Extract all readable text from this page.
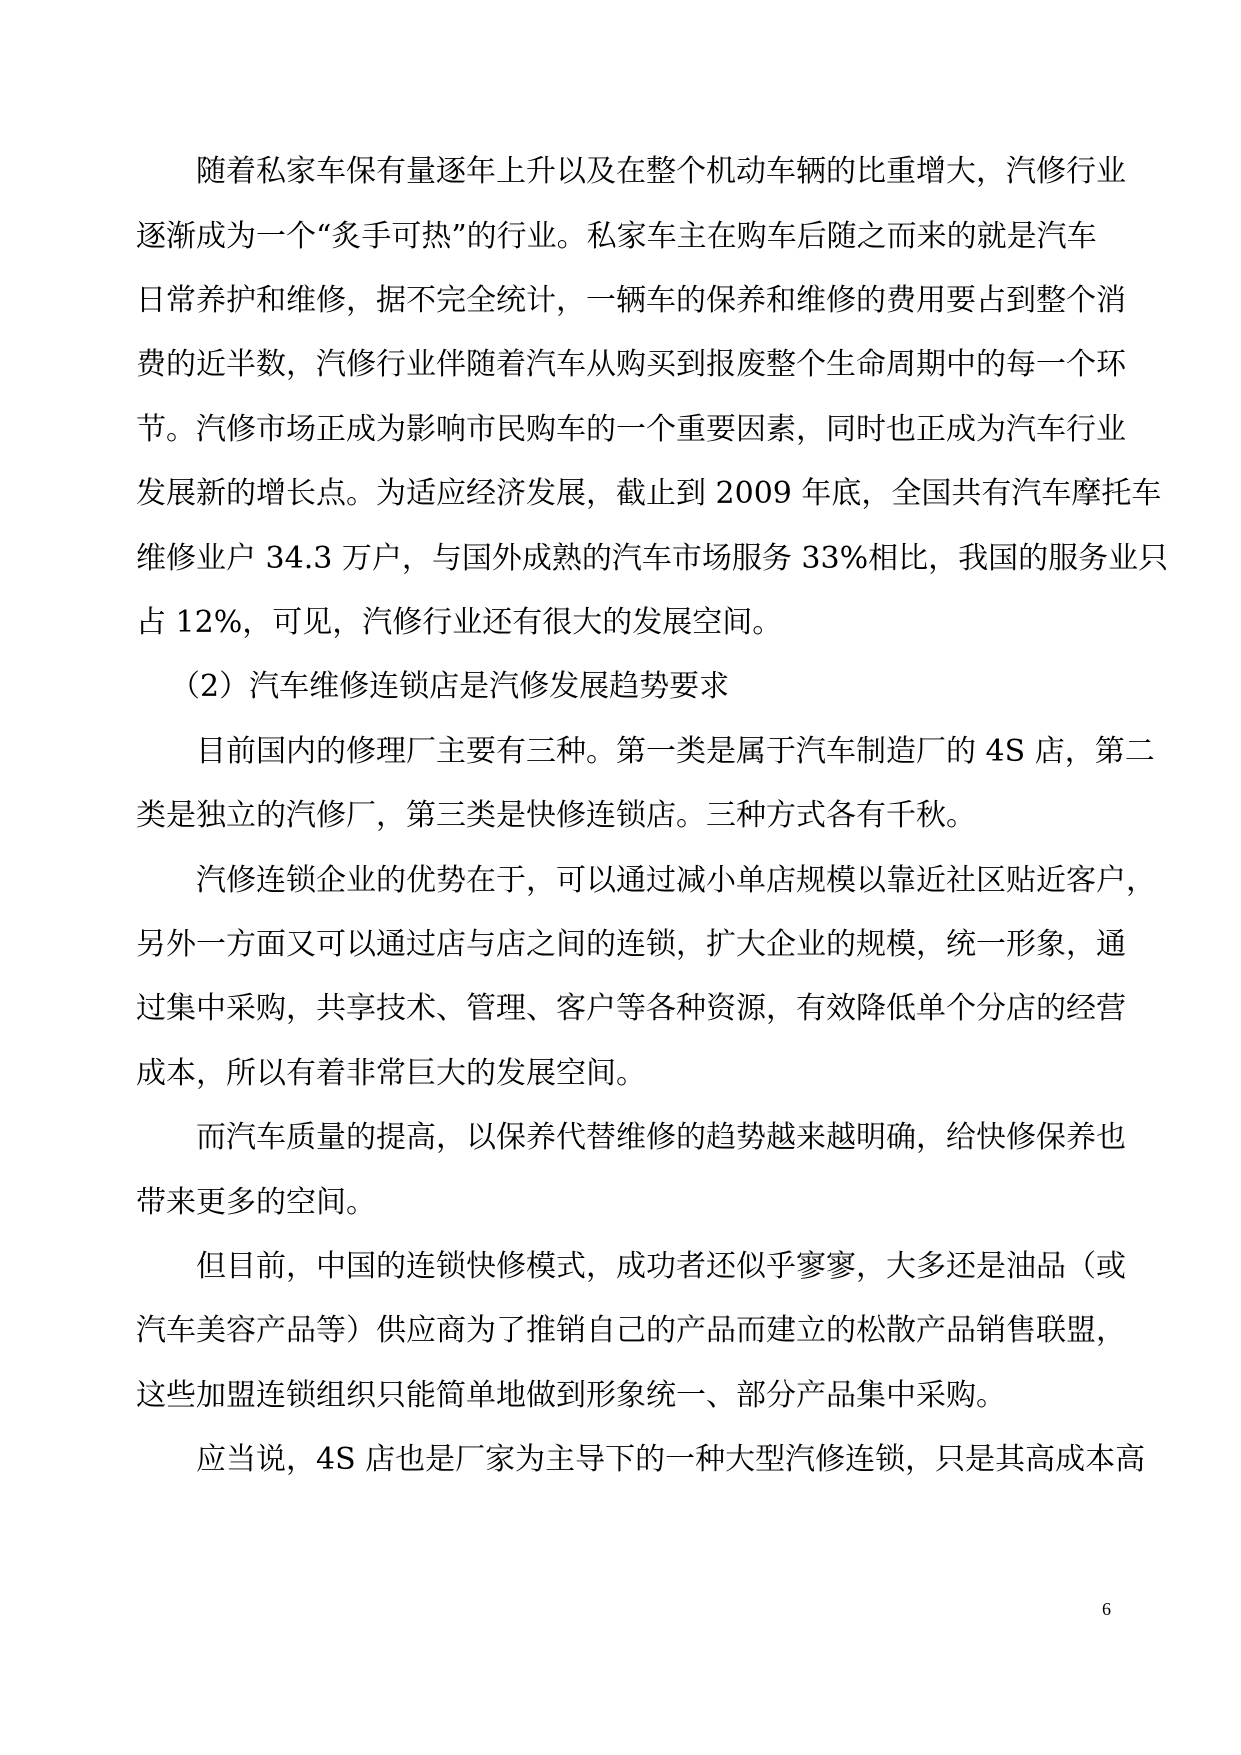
随着私家车保有量逐年上升以及在整个机动车辆的比重增大，汽修行业

逐渐成为一个“炙手可热”的行业。私家车主在购车后随之而来的就是汽车

日常养护和维修，据不完全统计，一辆车的保养和维修的费用要占到整个消

费的近半数，汽修行业伴随着汽车从购买到报废整个生命周期中的每一个环

节。汽修市场正成为影响市民购车的一个重要因素，同时也正成为汽车行业

发展新的增长点。为适应经济发展，截止到 2009 年底，全国共有汽车摩托车

维修业户 34.3 万户，与国外成熟的汽车市场服务 33%相比，我国的服务业只

占 12%，可见，汽修行业还有很大的发展空间。

（2）汽车维修连锁店是汽修发展趋势要求

目前国内的修理厂主要有三种。第一类是属于汽车制造厂的 4S 店，第二

类是独立的汽修厂，第三类是快修连锁店。三种方式各有千秋。

汽修连锁企业的优势在于，可以通过减小单店规模以靠近社区贴近客户，

另外一方面又可以通过店与店之间的连锁，扩大企业的规模，统一形象，通

过集中采购，共享技术、管理、客户等各种资源，有效降低单个分店的经营

成本，所以有着非常巨大的发展空间。

而汽车质量的提高，以保养代替维修的趋势越来越明确，给快修保养也

带来更多的空间。

但目前，中国的连锁快修模式，成功者还似乎寥寥，大多还是油品（或

汽车美容产品等）供应商为了推销自己的产品而建立的松散产品销售联盟，

这些加盟连锁组织只能简单地做到形象统一、部分产品集中采购。

应当说，4S 店也是厂家为主导下的一种大型汽修连锁，只是其高成本高

6
